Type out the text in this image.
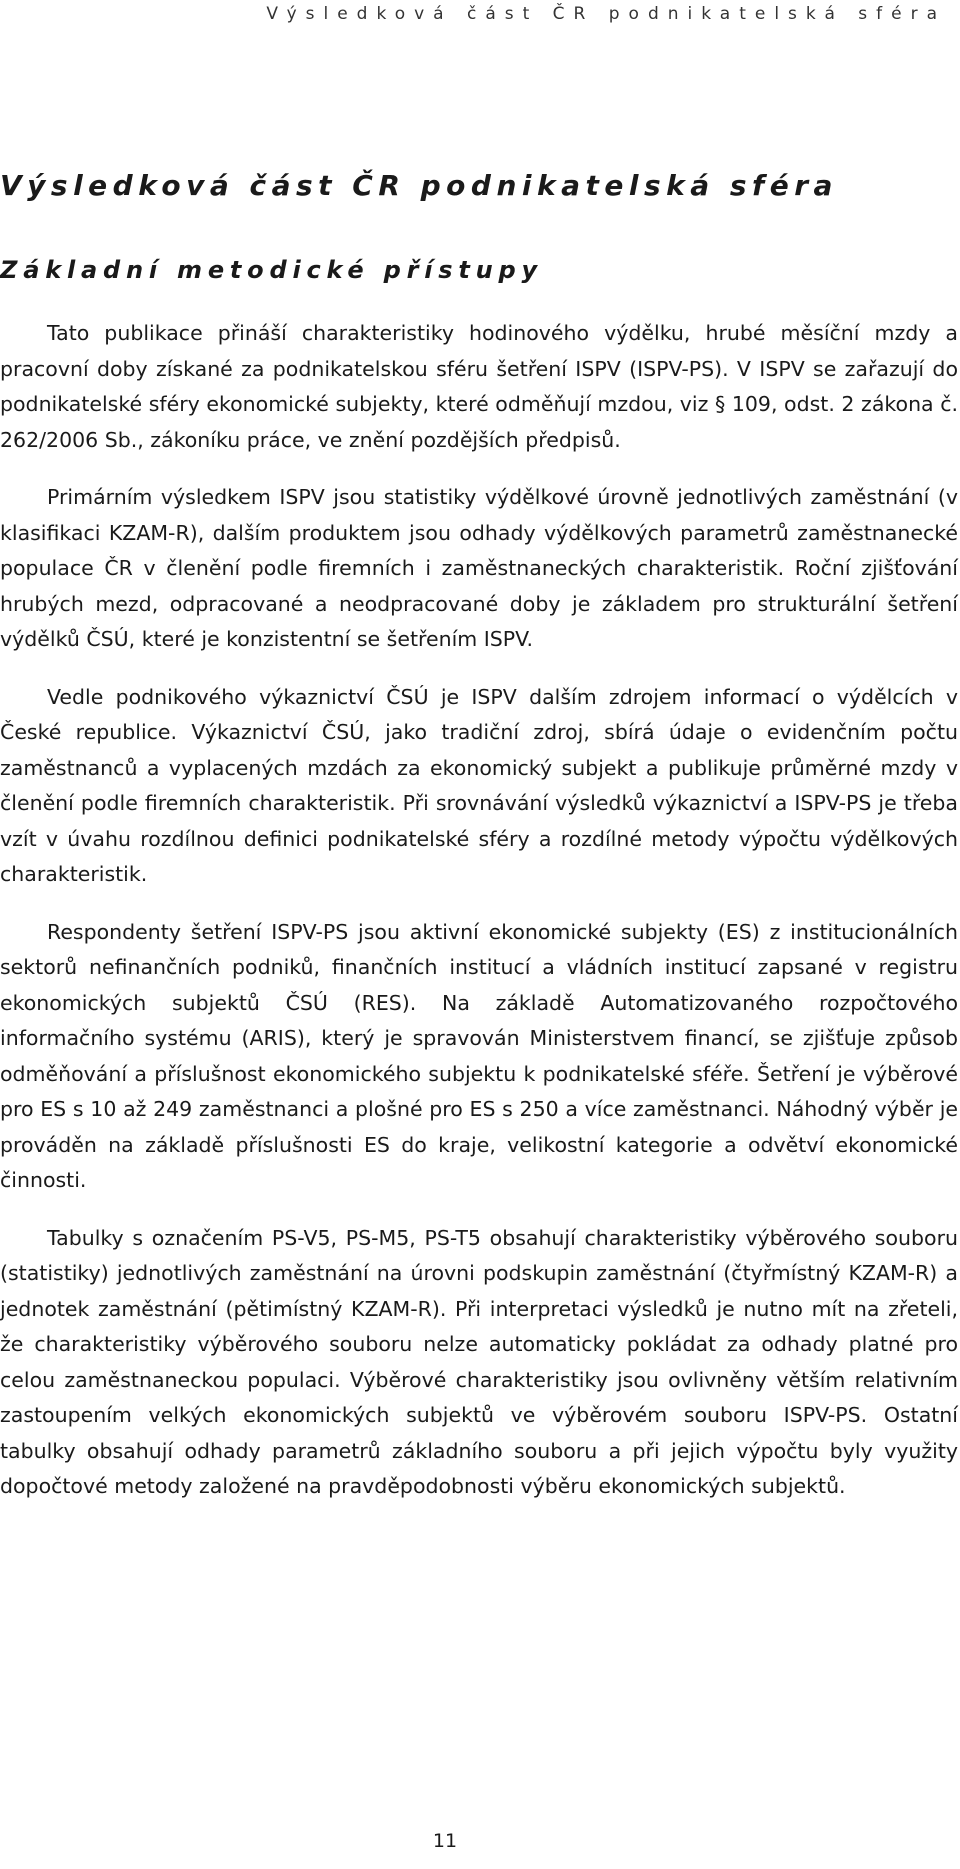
Výsledková část ČR podnikatelská sféra
Výsledková část ČR podnikatelská sféra
Základní metodické přístupy

Tato publikace přináší charakteristiky hodinového výdělku, hrubé měsíční mzdy a pracovní doby získané za podnikatelskou sféru šetření ISPV (ISPV-PS). V ISPV se zařazují do podnikatelské sféry ekonomické subjekty, které odměňují mzdou, viz § 109, odst. 2 zákona č. 262/2006 Sb., zákoníku práce, ve znění pozdějších předpisů.

Primárním výsledkem ISPV jsou statistiky výdělkové úrovně jednotlivých zaměstnání (v klasifikaci KZAM-R), dalším produktem jsou odhady výdělkových parametrů zaměstnanecké populace ČR v členění podle firemních i zaměstnaneckých charakteristik. Roční zjišťování hrubých mezd, odpracované a neodpracované doby je základem pro strukturální šetření výdělků ČSÚ, které je konzistentní se šetřením ISPV.

Vedle podnikového výkaznictví ČSÚ je ISPV dalším zdrojem informací o výdělcích v České republice. Výkaznictví ČSÚ, jako tradiční zdroj, sbírá údaje o evidenčním počtu zaměstnanců a vyplacených mzdách za ekonomický subjekt a publikuje průměrné mzdy v členění podle firemních charakteristik. Při srovnávání výsledků výkaznictví a ISPV-PS je třeba vzít v úvahu rozdílnou definici podnikatelské sféry a rozdílné metody výpočtu výdělkových charakteristik.

Respondenty šetření ISPV-PS jsou aktivní ekonomické subjekty (ES) z institucionálních sektorů nefinančních podniků, finančních institucí a vládních institucí zapsané v registru ekonomických subjektů ČSÚ (RES). Na základě Automatizovaného rozpočtového informačního systému (ARIS), který je spravován Ministerstvem financí, se zjišťuje způsob odměňování a příslušnost ekonomického subjektu k podnikatelské sféře. Šetření je výběrové pro ES s 10 až 249 zaměstnanci a plošné pro ES s 250 a více zaměstnanci. Náhodný výběr je prováděn na základě příslušnosti ES do kraje, velikostní kategorie a odvětví ekonomické činnosti.

Tabulky s označením PS-V5, PS-M5, PS-T5 obsahují charakteristiky výběrového souboru (statistiky) jednotlivých zaměstnání na úrovni podskupin zaměstnání (čtyřmístný KZAM-R) a jednotek zaměstnání (pětimístný KZAM-R). Při interpretaci výsledků je nutno mít na zřeteli, že charakteristiky výběrového souboru nelze automaticky pokládat za odhady platné pro celou zaměstnaneckou populaci. Výběrové charakteristiky jsou ovlivněny větším relativním zastoupením velkých ekonomických subjektů ve výběrovém souboru ISPV-PS. Ostatní tabulky obsahují odhady parametrů základního souboru a při jejich výpočtu byly využity dopočtové metody založené na pravděpodobnosti výběru ekonomických subjektů.

11
